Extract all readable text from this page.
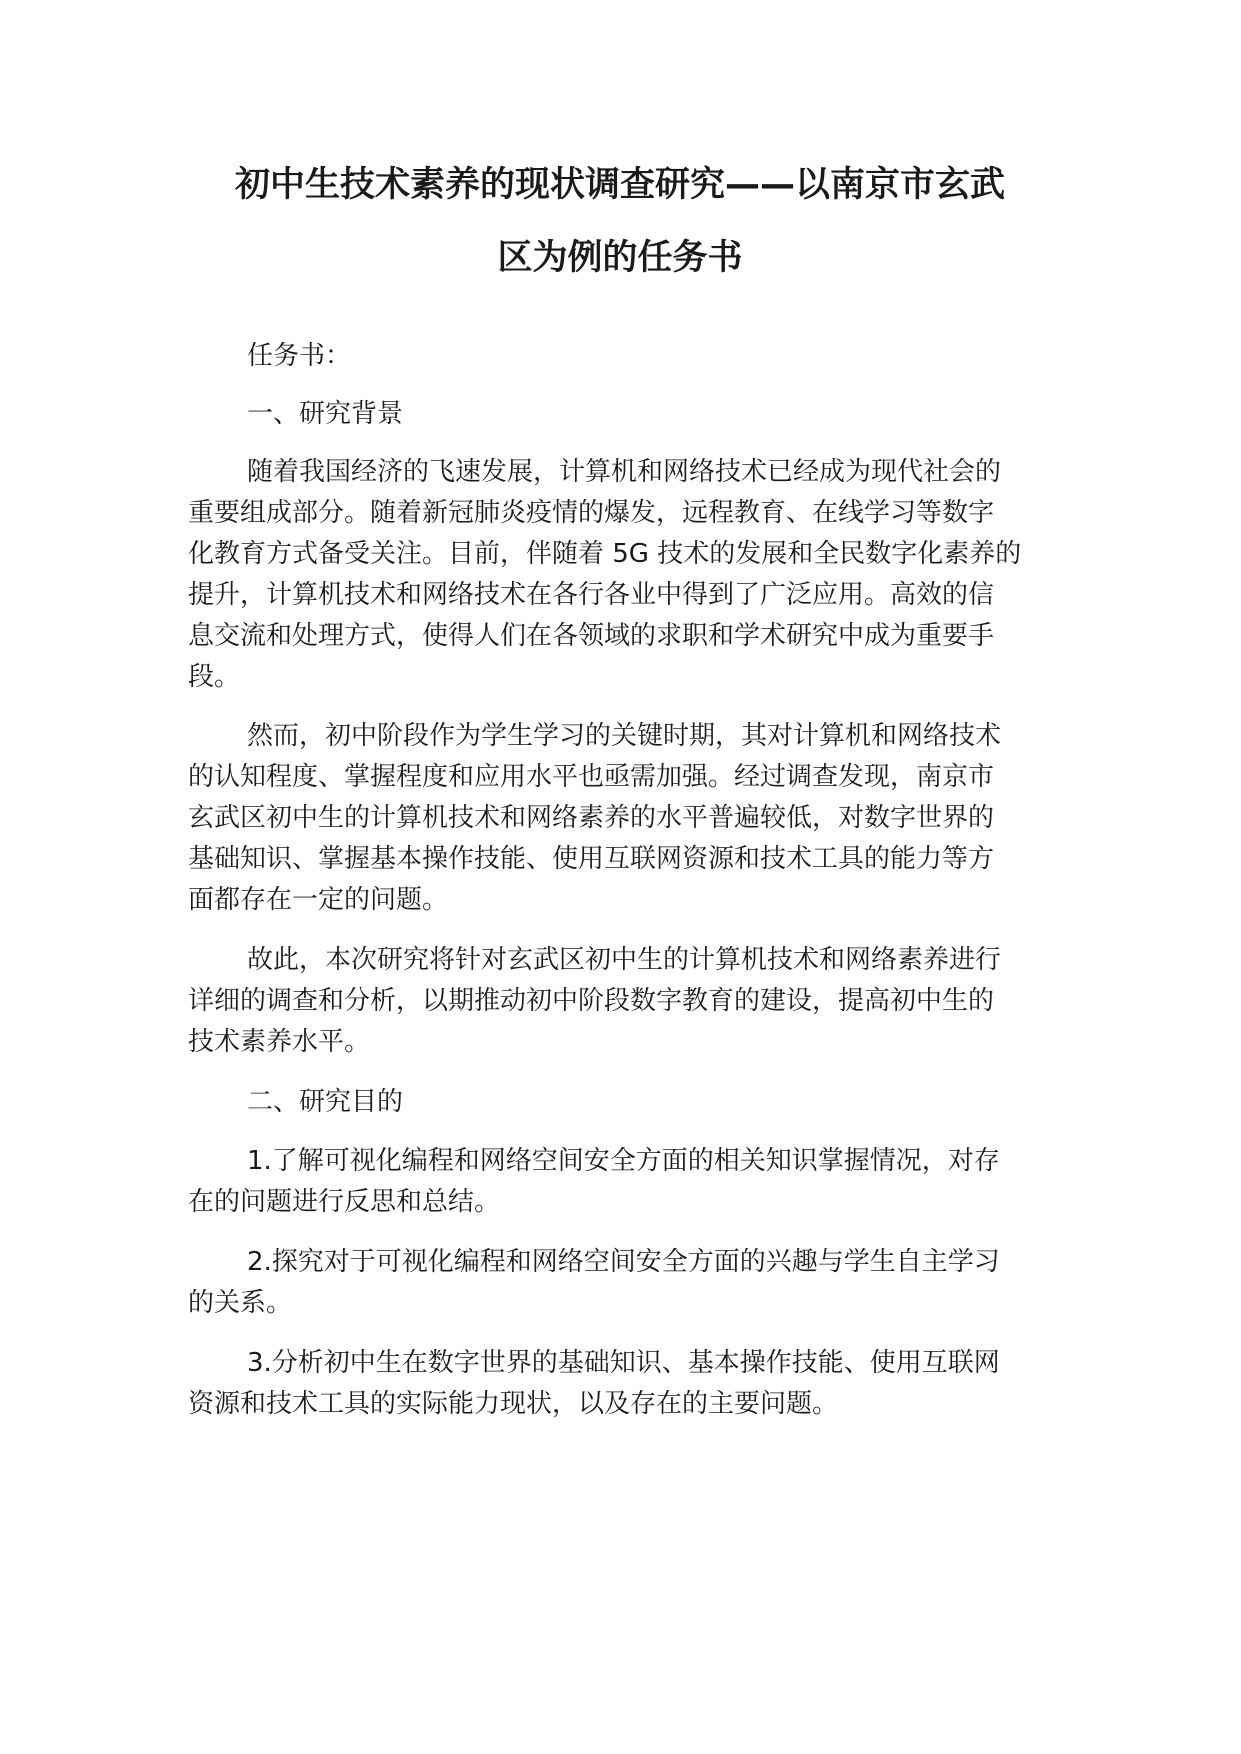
初中生技术素养的现状调查研究——以南京市玄武
区为例的任务书
任务书：
一、研究背景
随着我国经济的飞速发展，计算机和网络技术已经成为现代社会的
重要组成部分。随着新冠肺炎疫情的爆发，远程教育、在线学习等数字
化教育方式备受关注。目前，伴随着 5G 技术的发展和全民数字化素养的
提升，计算机技术和网络技术在各行各业中得到了广泛应用。高效的信
息交流和处理方式，使得人们在各领域的求职和学术研究中成为重要手
段。
然而，初中阶段作为学生学习的关键时期，其对计算机和网络技术
的认知程度、掌握程度和应用水平也亟需加强。经过调查发现，南京市
玄武区初中生的计算机技术和网络素养的水平普遍较低，对数字世界的
基础知识、掌握基本操作技能、使用互联网资源和技术工具的能力等方
面都存在一定的问题。
故此，本次研究将针对玄武区初中生的计算机技术和网络素养进行
详细的调查和分析，以期推动初中阶段数字教育的建设，提高初中生的
技术素养水平。
二、研究目的
1.了解可视化编程和网络空间安全方面的相关知识掌握情况，对存
在的问题进行反思和总结。
2.探究对于可视化编程和网络空间安全方面的兴趣与学生自主学习
的关系。
3.分析初中生在数字世界的基础知识、基本操作技能、使用互联网
资源和技术工具的实际能力现状，以及存在的主要问题。
